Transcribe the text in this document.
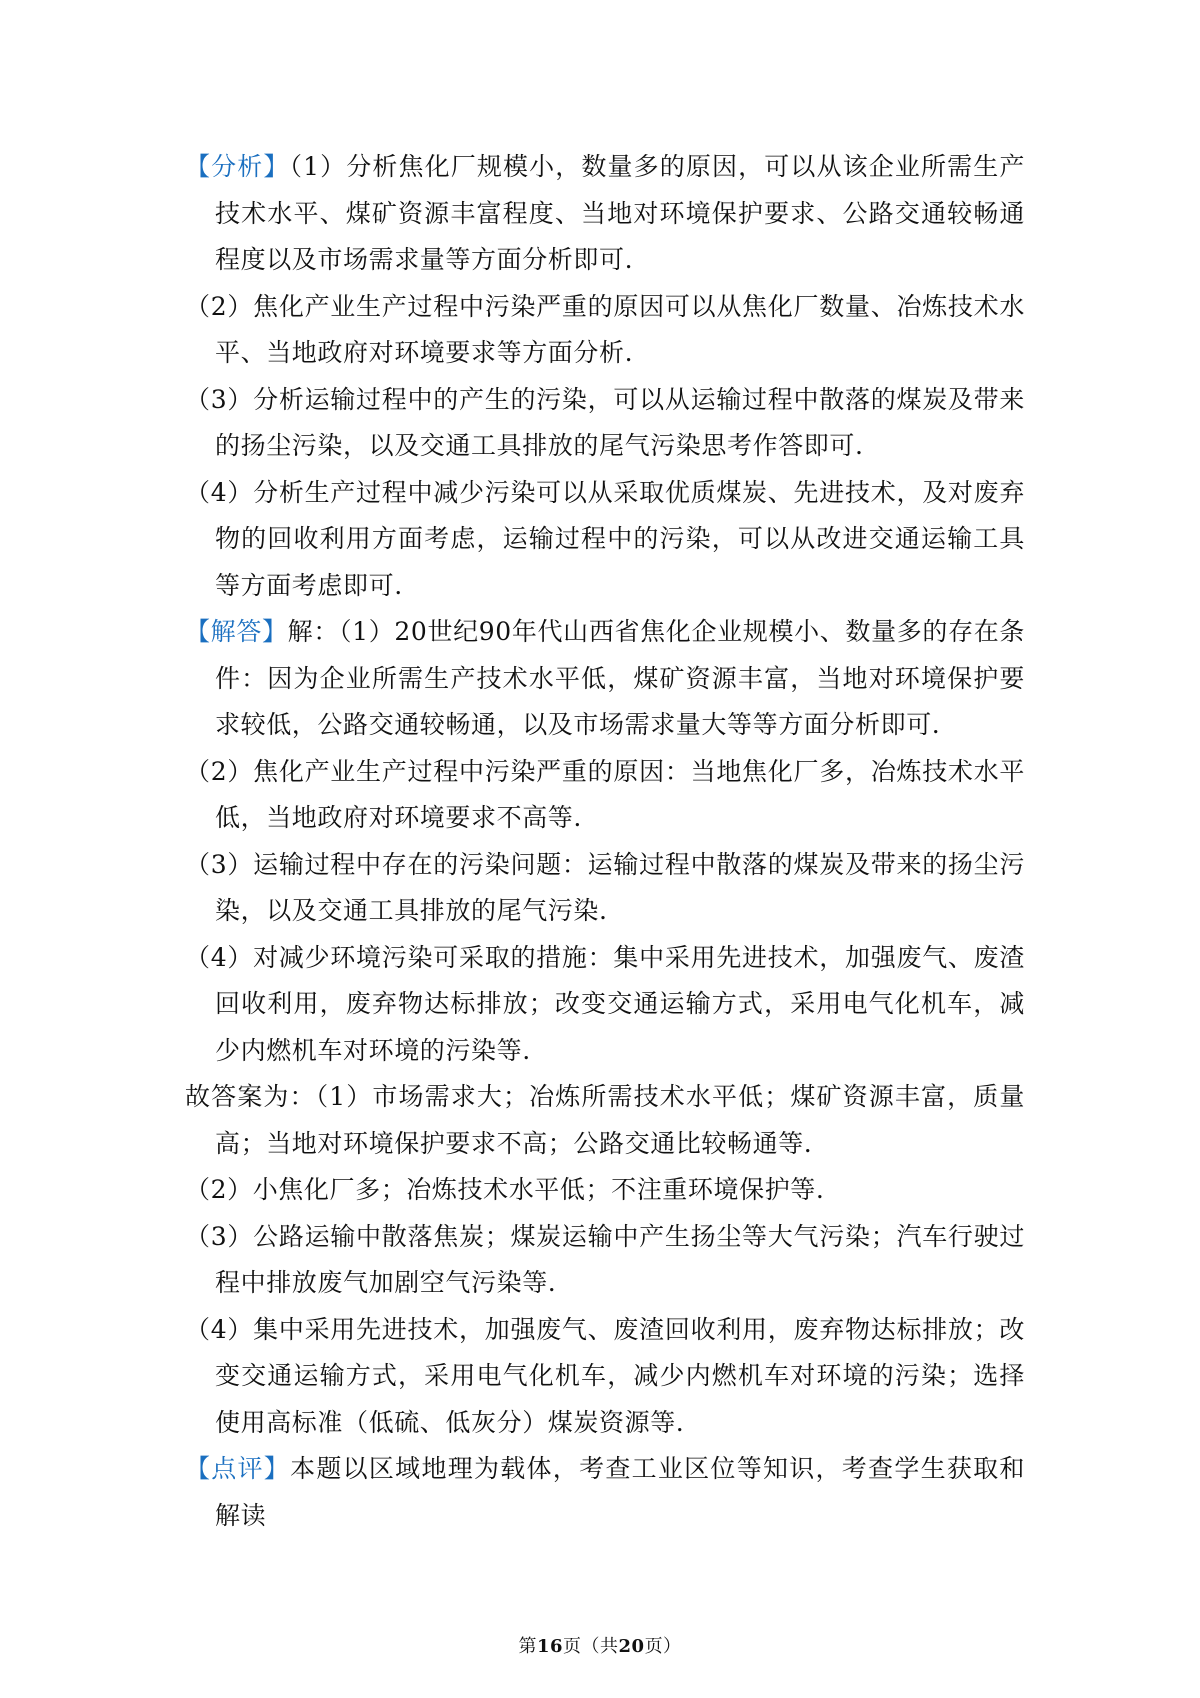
【分析】（1）分析焦化厂规模小，数量多的原因，可以从该企业所需生产技术水平、煤矿资源丰富程度、当地对环境保护要求、公路交通较畅通程度以及市场需求量等方面分析即可.

（2）焦化产业生产过程中污染严重的原因可以从焦化厂数量、冶炼技术水平、当地政府对环境要求等方面分析.

（3）分析运输过程中的产生的污染，可以从运输过程中散落的煤炭及带来的扬尘污染，以及交通工具排放的尾气污染思考作答即可.

（4）分析生产过程中减少污染可以从采取优质煤炭、先进技术，及对废弃物的回收利用方面考虑，运输过程中的污染，可以从改进交通运输工具等方面考虑即可.

【解答】解：（1）20世纪90年代山西省焦化企业规模小、数量多的存在条件：因为企业所需生产技术水平低，煤矿资源丰富，当地对环境保护要求较低，公路交通较畅通，以及市场需求量大等等方面分析即可.

（2）焦化产业生产过程中污染严重的原因：当地焦化厂多，冶炼技术水平低，当地政府对环境要求不高等.

（3）运输过程中存在的污染问题：运输过程中散落的煤炭及带来的扬尘污染，以及交通工具排放的尾气污染.

（4）对减少环境污染可采取的措施：集中采用先进技术，加强废气、废渣回收利用，废弃物达标排放；改变交通运输方式，采用电气化机车，减少内燃机车对环境的污染等.

故答案为：（1）市场需求大；冶炼所需技术水平低；煤矿资源丰富，质量高；当地对环境保护要求不高；公路交通比较畅通等.

（2）小焦化厂多；冶炼技术水平低；不注重环境保护等.

（3）公路运输中散落焦炭；煤炭运输中产生扬尘等大气污染；汽车行驶过程中排放废气加剧空气污染等.

（4）集中采用先进技术，加强废气、废渣回收利用，废弃物达标排放；改变交通运输方式，采用电气化机车，减少内燃机车对环境的污染；选择使用高标准（低硫、低灰分）煤炭资源等.

【点评】本题以区域地理为载体，考查工业区位等知识，考查学生获取和解读

第16页（共20页）
